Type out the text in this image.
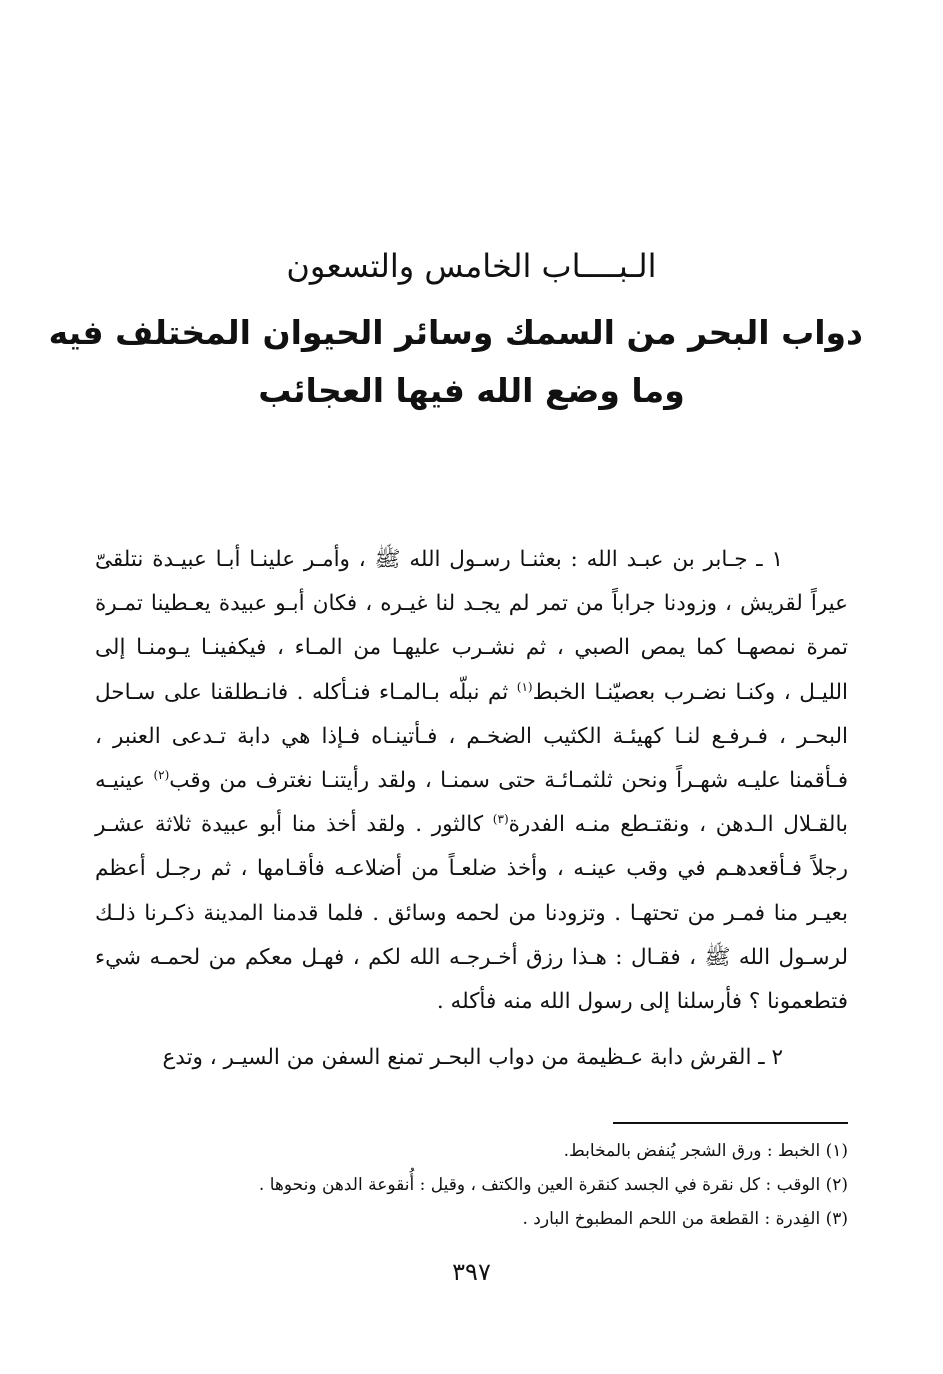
الـبــــاب الخامس والتسعون
دواب البحر من السمك وسائر الحيوان المختلف فيه
وما وضع الله فيها العجائب

١ ـ جـابر بن عبـد الله : بعثنـا رسـول الله ﷺ ، وأمـر علينـا أبـا عبيـدة نتلقىّ عيراً لقريش ، وزودنا جراباً من تمر لم يجـد لنا غيـره ، فكان أبـو عبيدة يعـطينا تمـرة تمرة نمصهـا كما يمص الصبي ، ثم نشـرب عليهـا من المـاء ، فيكفينـا يـومنـا إلى الليـل ، وكنـا نضـرب بعصيّنـا الخبط$^{(١)}$ ثم نبلّه بـالمـاء فنـأكله . فانـطلقنا على سـاحل البحـر ، فـرفـع لنـا كهيئـة الكثيب الضخـم ، فـأتينـاه فـإذا هي دابة تـدعى العنبر ، فـأقمنا عليـه شهـراً ونحن ثلثمـائـة حتى سمنـا ، ولقد رأيتنـا نغترف من وقب$^{(٢)}$ عينيـه بالقـلال الـدهن ، ونقتـطع منـه الفدرة$^{(٣)}$ كالثور . ولقد أخذ منا أبو عبيدة ثلاثة عشـر رجلاً فـأقعدهـم في وقب عينـه ، وأخذ ضلعـاً من أضلاعـه فأقـامها ، ثم رجـل أعظم بعيـر منا فمـر من تحتهـا . وتزودنا من لحمه وسائق . فلما قدمنا المدينة ذكـرنا ذلـك لرسـول الله ﷺ ، فقـال : هـذا رزق أخـرجـه الله لكم ، فهـل معكم من لحمـه شيء فتطعمونا ؟ فأرسلنا إلى رسول الله منه فأكله .

٢ ـ القرش دابة عـظيمة من دواب البحـر تمنع السفن من السيـر ، وتدع

(١) الخبط : ورق الشجر يُنفض بالمخابط.
(٢) الوقب : كل نقرة في الجسد كنقرة العين والكتف ، وقيل : أُنقوعة الدهن ونحوها .
(٣) الفِدرة : القطعة من اللحم المطبوخ البارد .
٣٩٧
